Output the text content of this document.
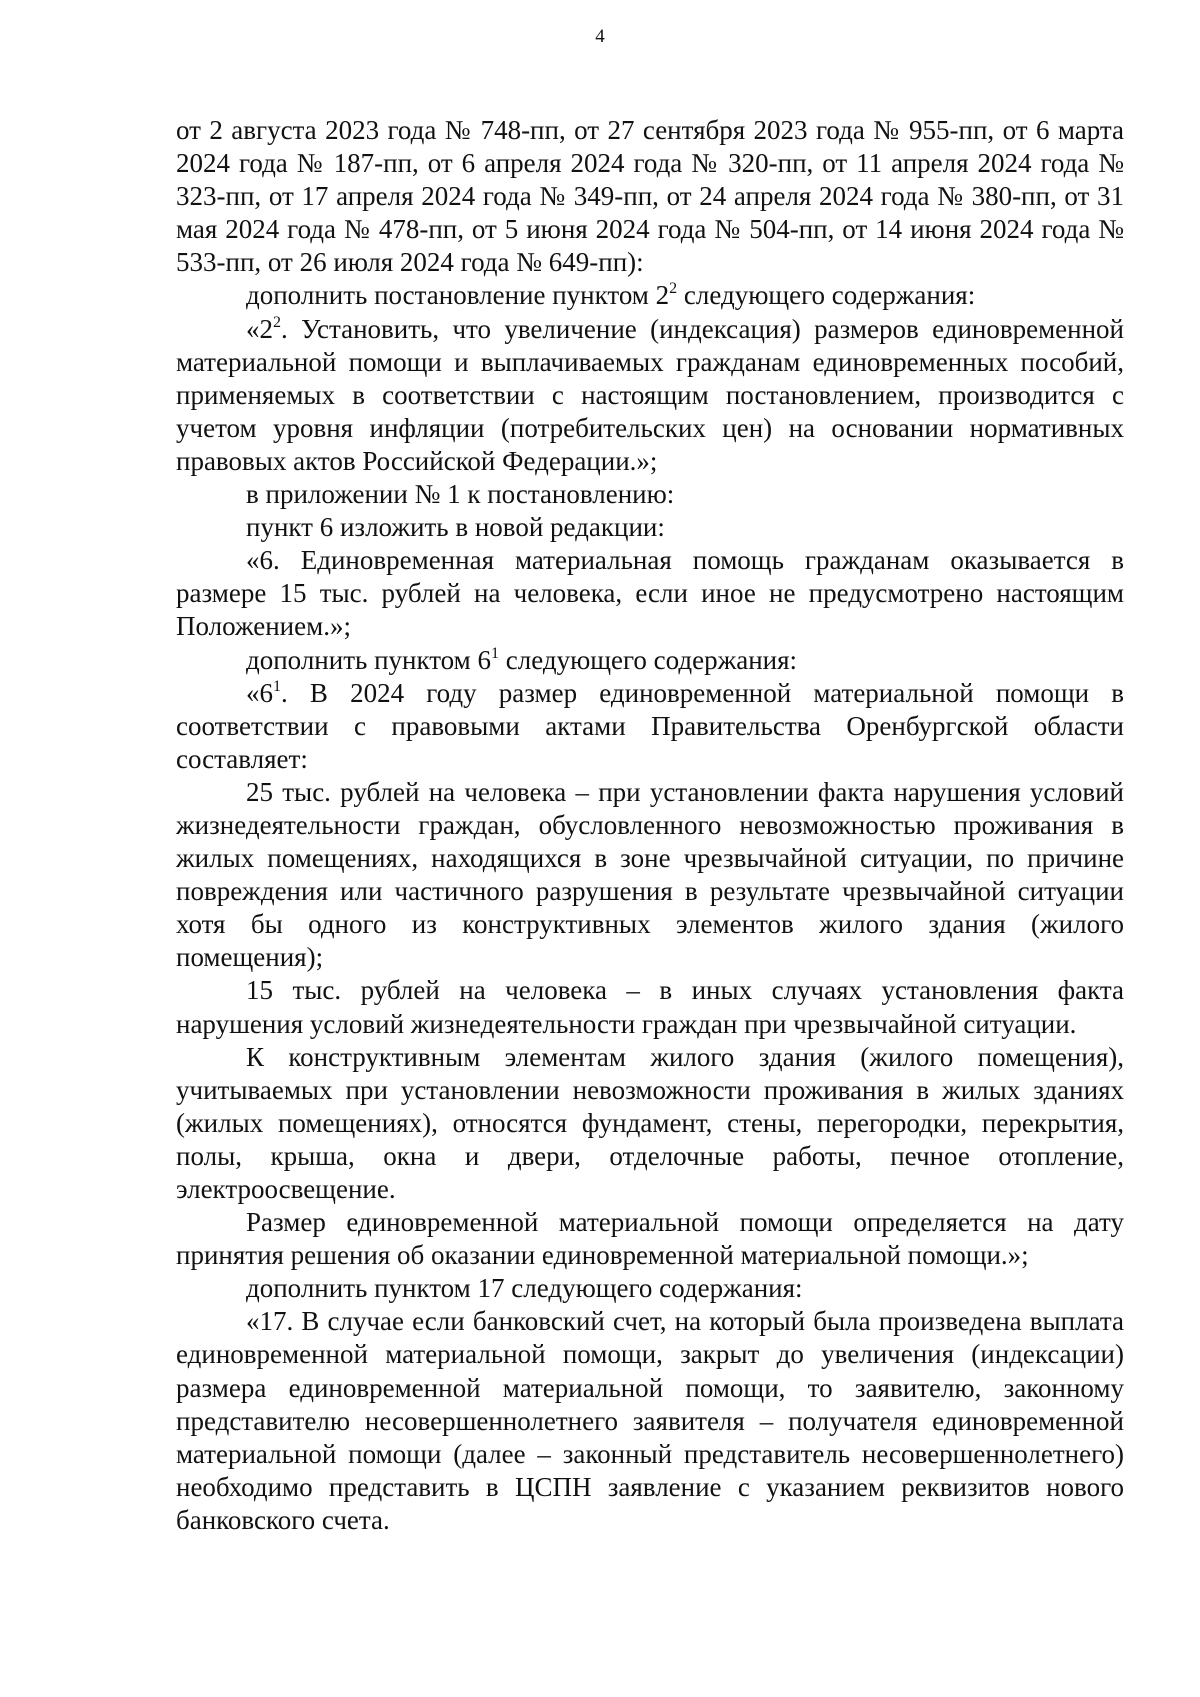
4

от 2 августа 2023 года № 748-пп, от 27 сентября 2023 года № 955-пп, от 6 марта 2024 года № 187-пп, от 6 апреля 2024 года № 320-пп, от 11 апреля 2024 года № 323-пп, от 17 апреля 2024 года № 349-пп, от 24 апреля 2024 года № 380-пп, от 31 мая 2024 года № 478-пп, от 5 июня 2024 года № 504-пп, от 14 июня 2024 года № 533-пп, от 26 июля 2024 года № 649-пп):

дополнить постановление пунктом $2^2$ следующего содержания:

«$2^2$. Установить, что увеличение (индексация) размеров единовременной материальной помощи и выплачиваемых гражданам единовременных пособий, применяемых в соответствии с настоящим постановлением, производится с учетом уровня инфляции (потребительских цен) на основании нормативных правовых актов Российской Федерации.»;

в приложении № 1 к постановлению:

пункт 6 изложить в новой редакции:

«6. Единовременная материальная помощь гражданам оказывается в размере 15 тыс. рублей на человека, если иное не предусмотрено настоящим Положением.»;

дополнить пунктом $6^1$ следующего содержания:

«$6^1$. В 2024 году размер единовременной материальной помощи в соответствии с правовыми актами Правительства Оренбургской области составляет:

25 тыс. рублей на человека – при установлении факта нарушения условий жизнедеятельности граждан, обусловленного невозможностью проживания в жилых помещениях, находящихся в зоне чрезвычайной ситуации, по причине повреждения или частичного разрушения в результате чрезвычайной ситуации хотя бы одного из конструктивных элементов жилого здания (жилого помещения);

15 тыс. рублей на человека – в иных случаях установления факта нарушения условий жизнедеятельности граждан при чрезвычайной ситуации.

К конструктивным элементам жилого здания (жилого помещения), учитываемых при установлении невозможности проживания в жилых зданиях (жилых помещениях), относятся фундамент, стены, перегородки, перекрытия, полы, крыша, окна и двери, отделочные работы, печное отопление, электроосвещение.

Размер единовременной материальной помощи определяется на дату принятия решения об оказании единовременной материальной помощи.»;

дополнить пунктом 17 следующего содержания:

«17. В случае если банковский счет, на который была произведена выплата единовременной материальной помощи, закрыт до увеличения (индексации) размера единовременной материальной помощи, то заявителю, законному представителю несовершеннолетнего заявителя – получателя единовременной материальной помощи (далее – законный представитель несовершеннолетнего) необходимо представить в ЦСПН заявление с указанием реквизитов нового банковского счета.
